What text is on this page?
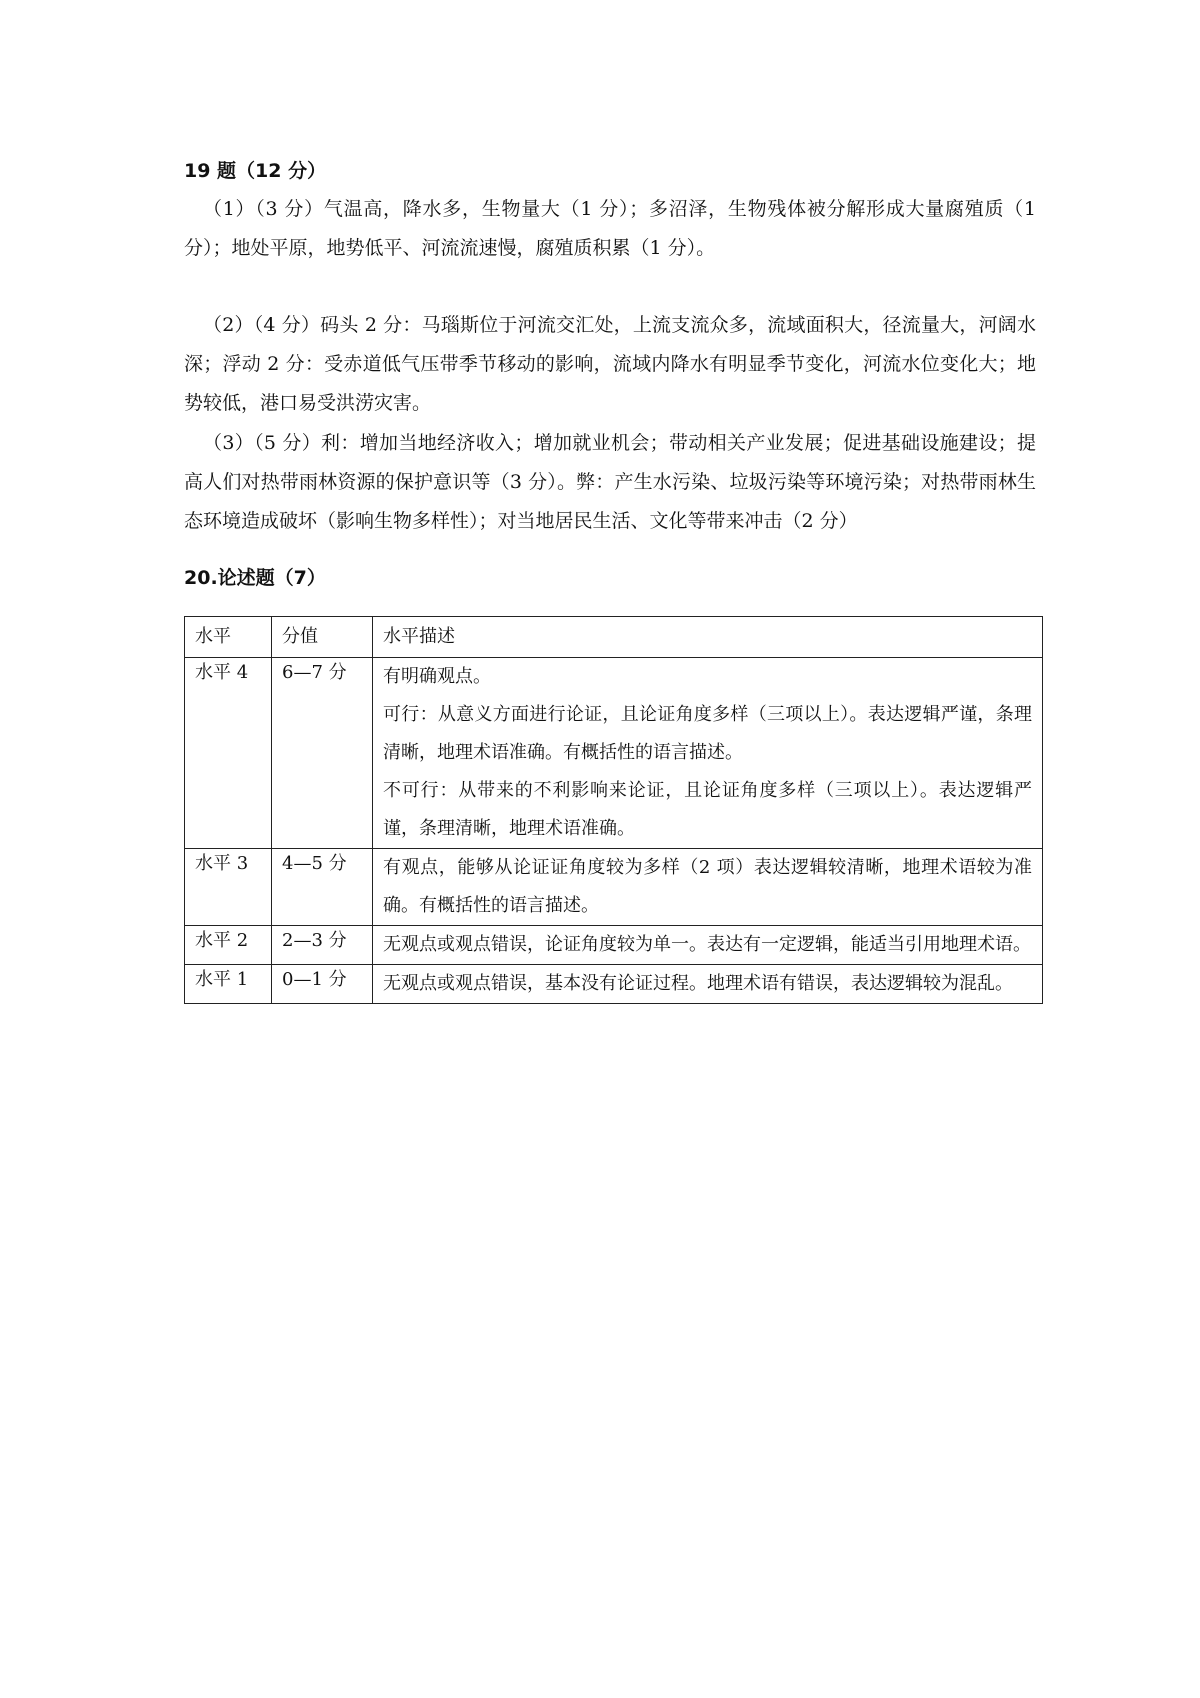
19 题（12 分）

（1）（3 分）气温高，降水多，生物量大（1 分）；多沼泽，生物残体被分解形成大量腐殖质（1 分）；地处平原，地势低平、河流流速慢，腐殖质积累（1 分）。

（2）（4 分）码头 2 分：马瑙斯位于河流交汇处，上流支流众多，流域面积大，径流量大，河阔水深；浮动 2 分：受赤道低气压带季节移动的影响，流域内降水有明显季节变化，河流水位变化大；地势较低，港口易受洪涝灾害。

（3）（5 分）利：增加当地经济收入；增加就业机会；带动相关产业发展；促进基础设施建设；提高人们对热带雨林资源的保护意识等（3 分）。弊：产生水污染、垃圾污染等环境污染；对热带雨林生态环境造成破坏（影响生物多样性）；对当地居民生活、文化等带来冲击（2 分）

20.论述题（7）
水平	分值	水平描述
水平 4	6—7 分	有明确观点。

可行：从意义方面进行论证，且论证角度多样（三项以上）。表达逻辑严谨，条理清晰，地理术语准确。有概括性的语言描述。

不可行：从带来的不利影响来论证，且论证角度多样（三项以上）。表达逻辑严谨，条理清晰，地理术语准确。

水平 3	4—5 分	有观点，能够从论证证角度较为多样（2 项）表达逻辑较清晰，地理术语较为准确。有概括性的语言描述。

水平 2	2—3 分	无观点或观点错误，论证角度较为单一。表达有一定逻辑，能适当引用地理术语。

水平 1	0—1 分	无观点或观点错误，基本没有论证过程。地理术语有错误，表达逻辑较为混乱。
